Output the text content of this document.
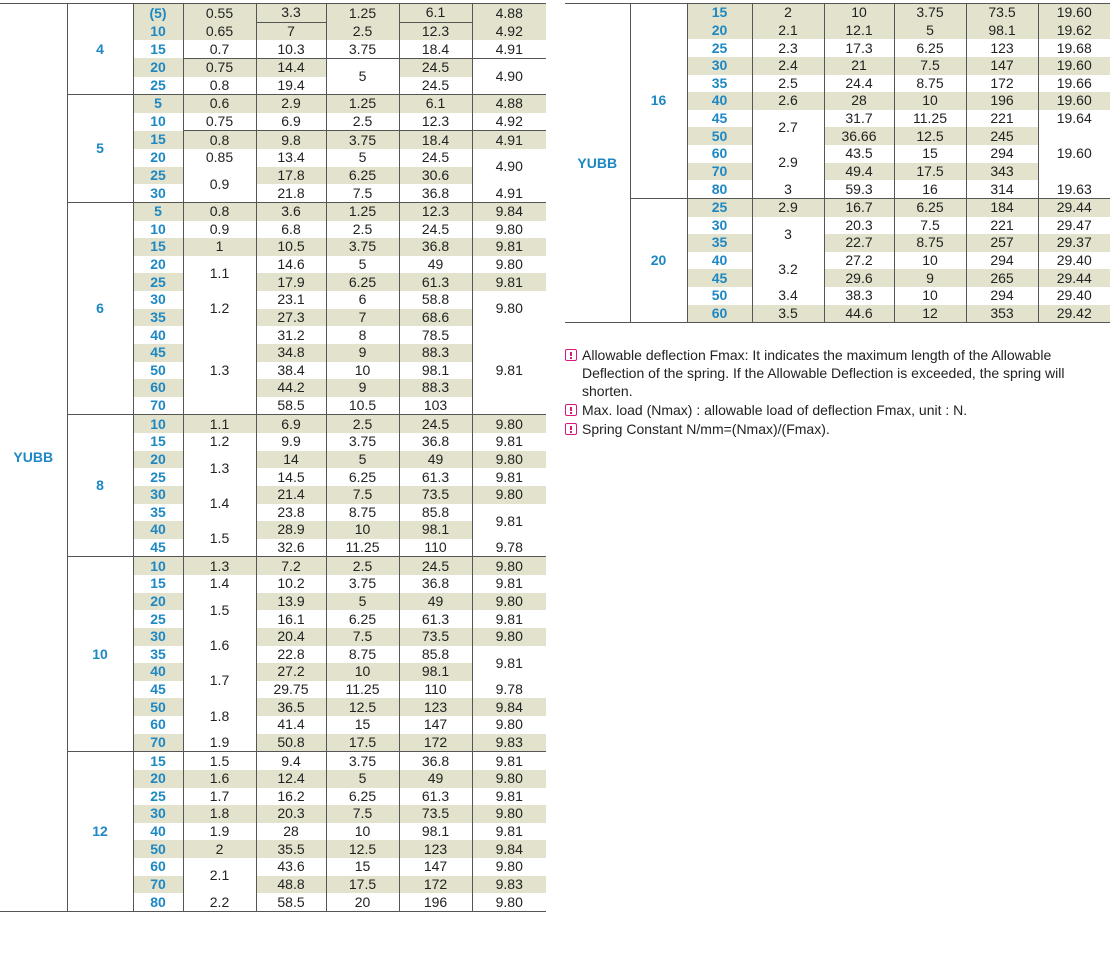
YUBB	4	(5)	0.55	3.3	1.25	6.1	4.88
		10	0.65	7	2.5	12.3	4.92
		15	0.7	10.3	3.75	18.4	4.91
		20	0.75	14.4	5	24.5	4.90
		25	0.8	19.4		24.5	
	5	5	0.6	2.9	1.25	6.1	4.88
		10	0.75	6.9	2.5	12.3	4.92
		15	0.8	9.8	3.75	18.4	4.91
		20	0.85	13.4	5	24.5	4.90
		25	0.9	17.8	6.25	30.6	
		30		21.8	7.5	36.8	4.91
	6	5	0.8	3.6	1.25	12.3	9.84
		10	0.9	6.8	2.5	24.5	9.80
		15	1	10.5	3.75	36.8	9.81
		20	1.1	14.6	5	49	9.80
		25		17.9	6.25	61.3	9.81
		30	1.2	23.1	6	58.8	9.80
		35		27.3	7	68.6	
		40	1.3	31.2	8	78.5	9.81
		45		34.8	9	88.3	
		50		38.4	10	98.1	
		60		44.2	9	88.3	
		70		58.5	10.5	103	
	8	10	1.1	6.9	2.5	24.5	9.80
		15	1.2	9.9	3.75	36.8	9.81
		20	1.3	14	5	49	9.80
		25		14.5	6.25	61.3	9.81
		30	1.4	21.4	7.5	73.5	9.80
		35		23.8	8.75	85.8	9.81
		40	1.5	28.9	10	98.1	
		45		32.6	11.25	110	9.78
	10	10	1.3	7.2	2.5	24.5	9.80
		15	1.4	10.2	3.75	36.8	9.81
		20	1.5	13.9	5	49	9.80
		25		16.1	6.25	61.3	9.81
		30	1.6	20.4	7.5	73.5	9.80
		35		22.8	8.75	85.8	9.81
		40	1.7	27.2	10	98.1	
		45		29.75	11.25	110	9.78
		50	1.8	36.5	12.5	123	9.84
		60		41.4	15	147	9.80
		70	1.9	50.8	17.5	172	9.83
	12	15	1.5	9.4	3.75	36.8	9.81
		20	1.6	12.4	5	49	9.80
		25	1.7	16.2	6.25	61.3	9.81
		30	1.8	20.3	7.5	73.5	9.80
		40	1.9	28	10	98.1	9.81
		50	2	35.5	12.5	123	9.84
		60	2.1	43.6	15	147	9.80
		70		48.8	17.5	172	9.83
		80	2.2	58.5	20	196	9.80
YUBB	16	15	2	10	3.75	73.5	19.60
		20	2.1	12.1	5	98.1	19.62
		25	2.3	17.3	6.25	123	19.68
		30	2.4	21	7.5	147	19.60
		35	2.5	24.4	8.75	172	19.66
		40	2.6	28	10	196	19.60
		45	2.7	31.7	11.25	221	19.64
		50		36.66	12.5	245	19.60
		60	2.9	43.5	15	294	
		70		49.4	17.5	343	
		80	3	59.3	16	314	19.63
	20	25	2.9	16.7	6.25	184	29.44
		30	3	20.3	7.5	221	29.47
		35		22.7	8.75	257	29.37
		40	3.2	27.2	10	294	29.40
		45		29.6	9	265	29.44
		50	3.4	38.3	10	294	29.40
		60	3.5	44.6	12	353	29.42
Allowable deflection Fmax: It indicates the maximum length of the Allowable Deflection of the spring. If the Allowable Deflection is exceeded, the spring will shorten.
Max. load (Nmax) : allowable load of deflection Fmax, unit : N.
Spring Constant N/mm=(Nmax)/(Fmax).
